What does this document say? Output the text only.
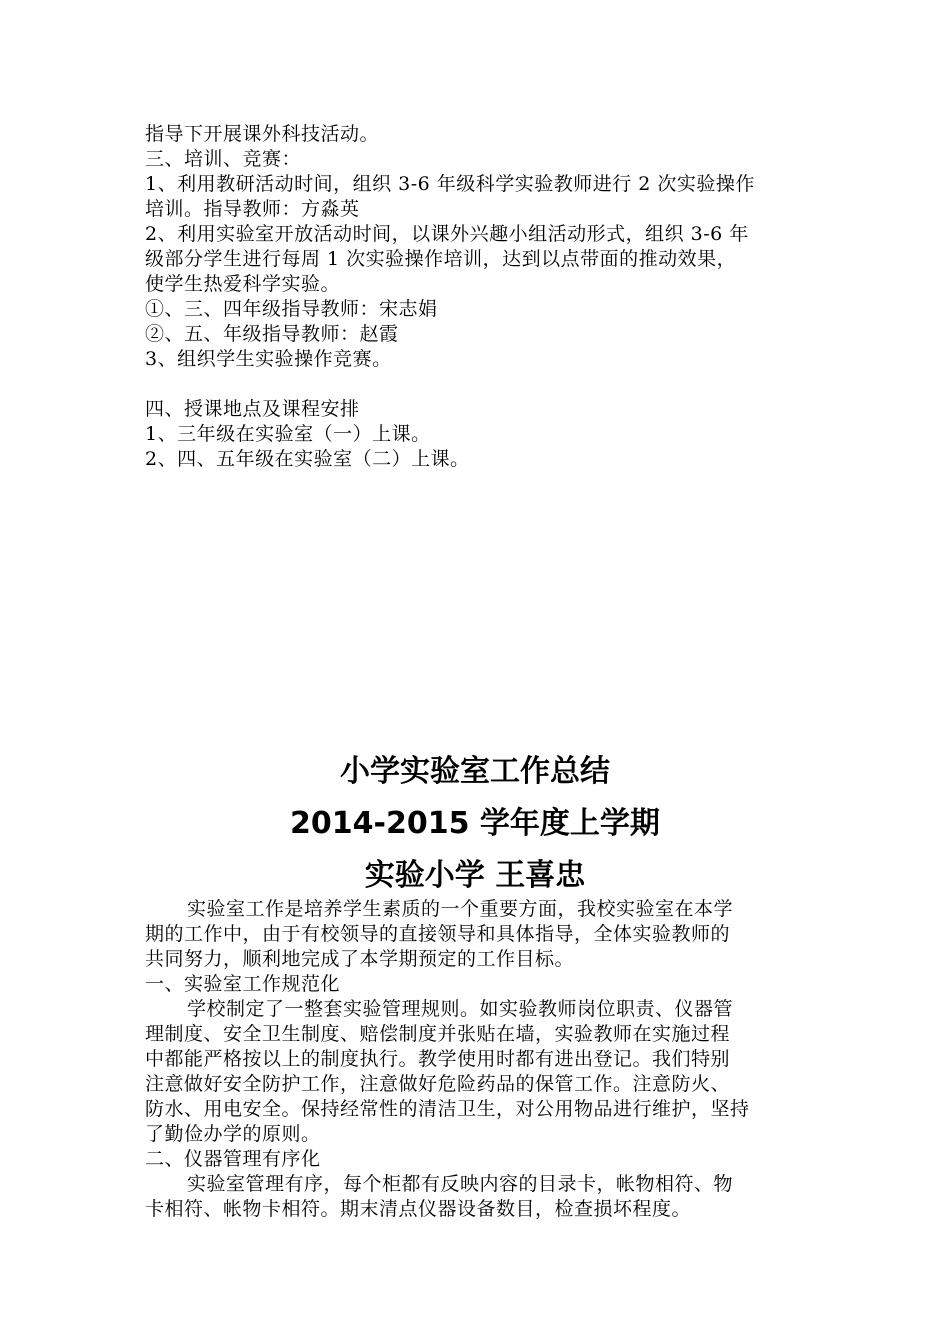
指导下开展课外科技活动。
三、培训、竞赛：
1、利用教研活动时间，组织 3-6 年级科学实验教师进行 2 次实验操作
培训。指导教师：方淼英
2、利用实验室开放活动时间，以课外兴趣小组活动形式，组织 3-6 年
级部分学生进行每周 1 次实验操作培训，达到以点带面的推动效果，
使学生热爱科学实验。
①、三、四年级指导教师：宋志娟
②、五、年级指导教师：赵霞
3、组织学生实验操作竞赛。
四、授课地点及课程安排
1、三年级在实验室（一）上课。
2、四、五年级在实验室（二）上课。
小学实验室工作总结
2014-2015 学年度上学期
实验小学 王喜忠
实验室工作是培养学生素质的一个重要方面，我校实验室在本学
期的工作中，由于有校领导的直接领导和具体指导，全体实验教师的
共同努力，顺利地完成了本学期预定的工作目标。
一、实验室工作规范化
学校制定了一整套实验管理规则。如实验教师岗位职责、仪器管
理制度、安全卫生制度、赔偿制度并张贴在墙，实验教师在实施过程
中都能严格按以上的制度执行。教学使用时都有进出登记。我们特别
注意做好安全防护工作，注意做好危险药品的保管工作。注意防火、
防水、用电安全。保持经常性的清洁卫生，对公用物品进行维护，坚持
了勤俭办学的原则。
二、仪器管理有序化
实验室管理有序，每个柜都有反映内容的目录卡，帐物相符、物
卡相符、帐物卡相符。期末清点仪器设备数目，检查损坏程度。
